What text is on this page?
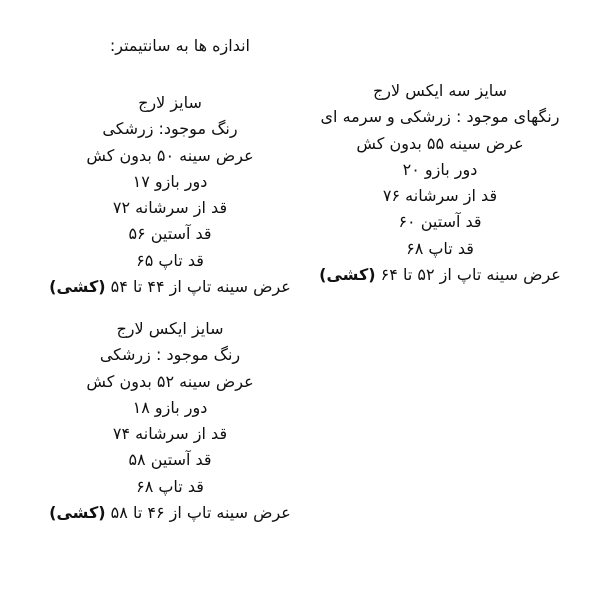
اندازه ها به سانتیمتر:
سایز لارج
رنگ موجود: زرشکی
عرض سینه ۵۰ بدون کش
دور بازو ۱۷
قد از سرشانه ۷۲
قد آستین ۵۶
قد تاپ ۶۵
عرض سینه تاپ از ۴۴ تا ۵۴ (کشی)
سایز سه ایکس لارج
رنگهای موجود : زرشکی و سرمه ای
عرض سینه ۵۵ بدون کش
دور بازو ۲۰
قد از سرشانه ۷۶
قد آستین ۶۰
قد تاپ ۶۸
عرض سینه تاپ از ۵۲ تا ۶۴ (کشی)
سایز ایکس لارج
رنگ موجود : زرشکی
عرض سینه ۵۲ بدون کش
دور بازو ۱۸
قد از سرشانه ۷۴
قد آستین ۵۸
قد تاپ ۶۸
عرض سینه تاپ از ۴۶ تا ۵۸ (کشی)
